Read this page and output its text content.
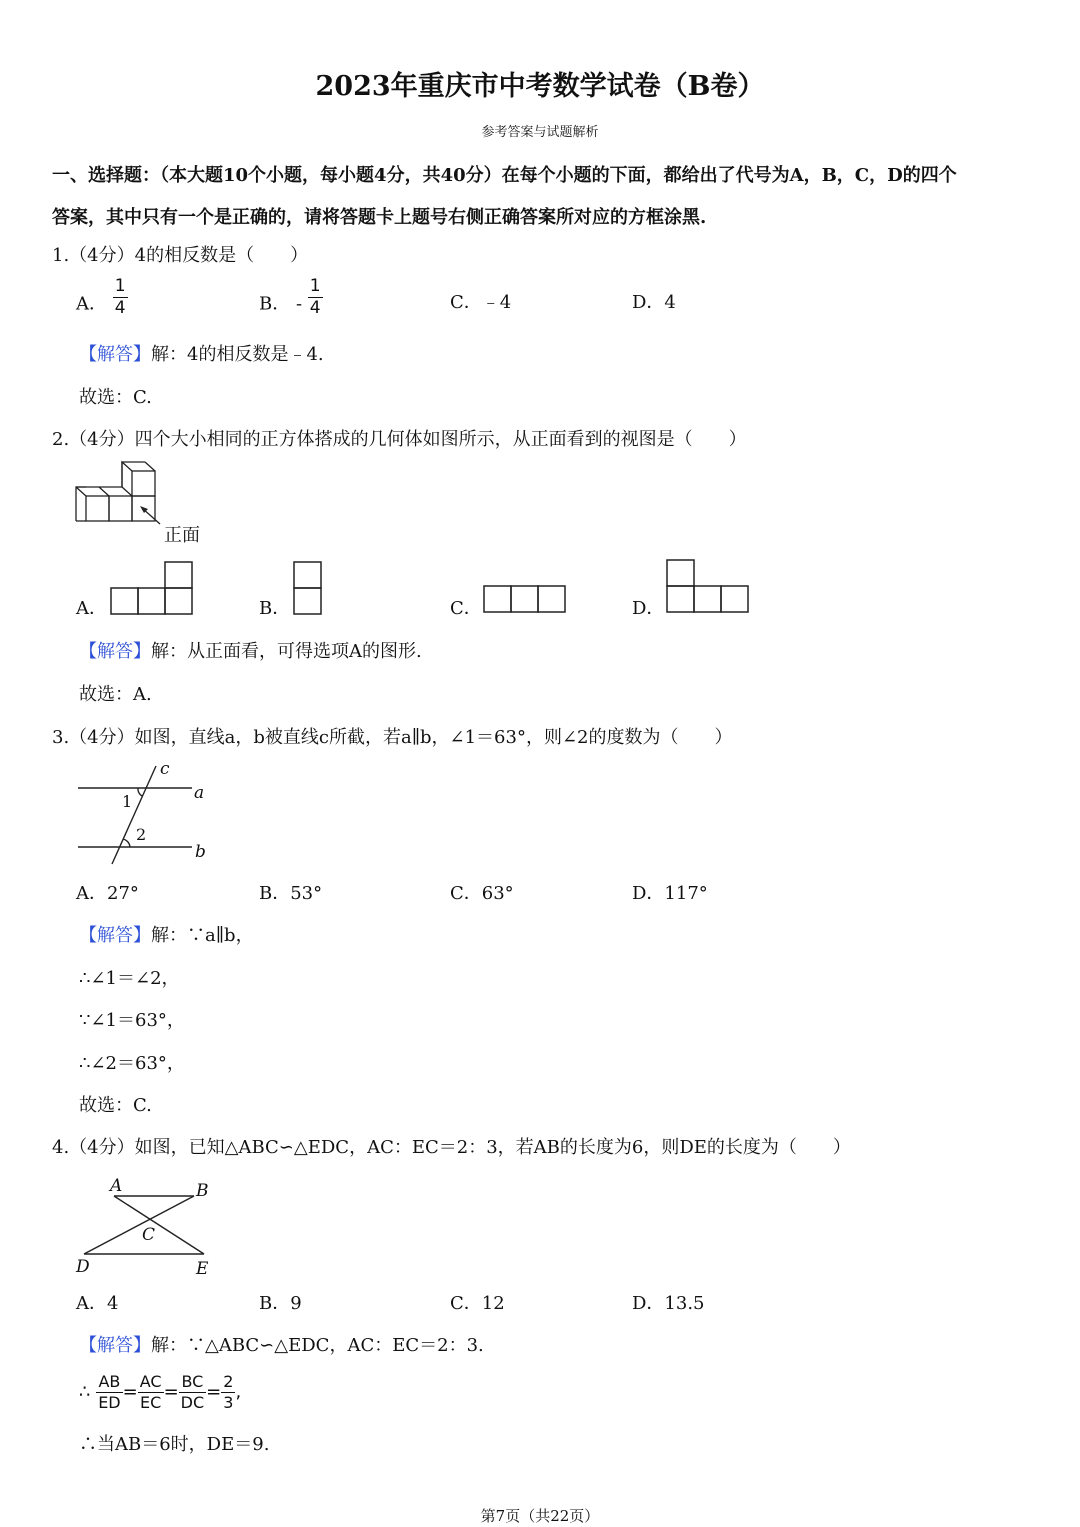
2023年重庆市中考数学试卷（B卷）
参考答案与试题解析
一、选择题：（本大题10个小题，每小题4分，共40分）在每个小题的下面，都给出了代号为A，B，C，D的四个
答案，其中只有一个是正确的，请将答题卡上题号右侧正确答案所对应的方框涂黑.
1.（4分）4的相反数是（　　）
A． $\frac{1}{4}$	B． - $\frac{1}{4}$	C．﹣4	D．4
【解答】解：4的相反数是﹣4.
故选：C.
2.（4分）四个大小相同的正方体搭成的几何体如图所示，从正面看到的视图是（　　）
正面
A．	B．	C．	D．
【解答】解：从正面看，可得选项A的图形.
故选：A.
3.（4分）如图，直线a，b被直线c所截，若a∥b，∠1＝63°，则∠2的度数为（　　）
c
a
b
1
2
A．27°	B．53°	C．63°	D．117°
【解答】解：∵a∥b，
∴∠1＝∠2，
∵∠1＝63°，
∴∠2＝63°，
故选：C.
4.（4分）如图，已知△ABC∽△EDC，AC：EC＝2：3，若AB的长度为6，则DE的长度为（　　）
A	B
C
D	E
A．4	B．9	C．12	D．13.5
【解答】解：∵△ABC∽△EDC，AC：EC＝2：3.
∴ $\frac{AB}{ED} = \frac{AC}{EC} = \frac{BC}{DC} = \frac{2}{3}$ ,
∴当AB＝6时，DE＝9.
第7页（共22页）
